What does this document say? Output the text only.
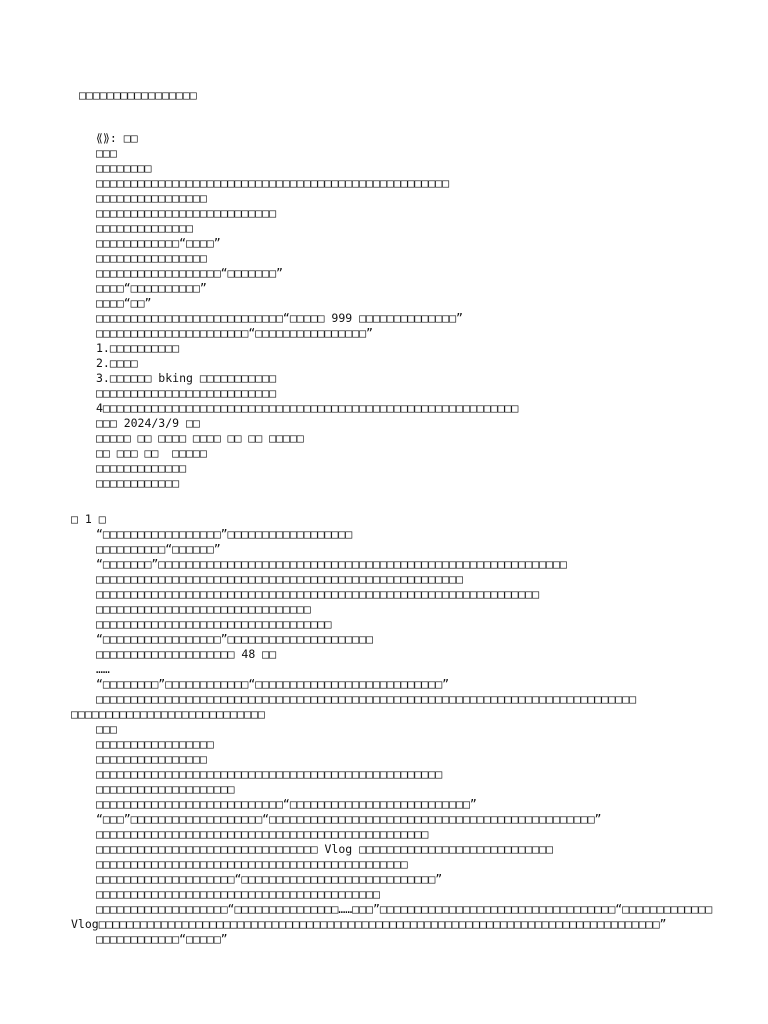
□□□□□□□□□□□□□□□□□
⟪⟫: □□
□□□
□□□□□□□□
□□□□□□□□□□□□□□□□□□□□□□□□□□□□□□□□□□□□□□□□□□□□□□□□□□□
□□□□□□□□□□□□□□□□
□□□□□□□□□□□□□□□□□□□□□□□□□□
□□□□□□□□□□□□□□
□□□□□□□□□□□□“□□□□”
□□□□□□□□□□□□□□□□
□□□□□□□□□□□□□□□□□□“□□□□□□□”
□□□□“□□□□□□□□□□”
□□□□“□□”
□□□□□□□□□□□□□□□□□□□□□□□□□□□“□□□□□ 999 □□□□□□□□□□□□□□”
□□□□□□□□□□□□□□□□□□□□□□“□□□□□□□□□□□□□□□□”
1.□□□□□□□□□□
2.□□□□
3.□□□□□□ bking □□□□□□□□□□□
□□□□□□□□□□□□□□□□□□□□□□□□□□
4□□□□□□□□□□□□□□□□□□□□□□□□□□□□□□□□□□□□□□□□□□□□□□□□□□□□□□□□□□□□
□□□ 2024/3/9 □□
□□□□□ □□ □□□□ □□□□ □□ □□ □□□□□
□□ □□□ □□  □□□□□
□□□□□□□□□□□□□
□□□□□□□□□□□□
□ 1 □
“□□□□□□□□□□□□□□□□□”□□□□□□□□□□□□□□□□□□
□□□□□□□□□□“□□□□□□”
“□□□□□□□”□□□□□□□□□□□□□□□□□□□□□□□□□□□□□□□□□□□□□□□□□□□□□□□□□□□□□□□□□□□
□□□□□□□□□□□□□□□□□□□□□□□□□□□□□□□□□□□□□□□□□□□□□□□□□□□□□
□□□□□□□□□□□□□□□□□□□□□□□□□□□□□□□□□□□□□□□□□□□□□□□□□□□□□□□□□□□□□□□□
□□□□□□□□□□□□□□□□□□□□□□□□□□□□□□□
□□□□□□□□□□□□□□□□□□□□□□□□□□□□□□□□□□
“□□□□□□□□□□□□□□□□□”□□□□□□□□□□□□□□□□□□□□□
□□□□□□□□□□□□□□□□□□□□ 48 □□
……
“□□□□□□□□”□□□□□□□□□□□□“□□□□□□□□□□□□□□□□□□□□□□□□□□□”
□□□□□□□□□□□□□□□□□□□□□□□□□□□□□□□□□□□□□□□□□□□□□□□□□□□□□□□□□□□□□□□□□□□□□□□□□□□□□□
□□□□□□□□□□□□□□□□□□□□□□□□□□□□
□□□
□□□□□□□□□□□□□□□□□
□□□□□□□□□□□□□□□□
□□□□□□□□□□□□□□□□□□□□□□□□□□□□□□□□□□□□□□□□□□□□□□□□□□
□□□□□□□□□□□□□□□□□□□□
□□□□□□□□□□□□□□□□□□□□□□□□□□□“□□□□□□□□□□□□□□□□□□□□□□□□□□”
“□□□”□□□□□□□□□□□□□□□□□□□“□□□□□□□□□□□□□□□□□□□□□□□□□□□□□□□□□□□□□□□□□□□□□□□”
□□□□□□□□□□□□□□□□□□□□□□□□□□□□□□□□□□□□□□□□□□□□□□□□
□□□□□□□□□□□□□□□□□□□□□□□□□□□□□□□□ Vlog □□□□□□□□□□□□□□□□□□□□□□□□□□□□
□□□□□□□□□□□□□□□□□□□□□□□□□□□□□□□□□□□□□□□□□□□□□
□□□□□□□□□□□□□□□□□□□□“□□□□□□□□□□□□□□□□□□□□□□□□□□□□”
□□□□□□□□□□□□□□□□□□□□□□□□□□□□□□□□□□□□□□□□□
□□□□□□□□□□□□□□□□□□□“□□□□□□□□□□□□□□□……□□□”□□□□□□□□□□□□□□□□□□□□□□□□□□□□□□□□□□“□□□□□□□□□□□□□
Vlog□□□□□□□□□□□□□□□□□□□□□□□□□□□□□□□□□□□□□□□□□□□□□□□□□□□□□□□□□□□□□□□□□□□□□□□□□□□□□□□□□”
□□□□□□□□□□□□“□□□□□”
